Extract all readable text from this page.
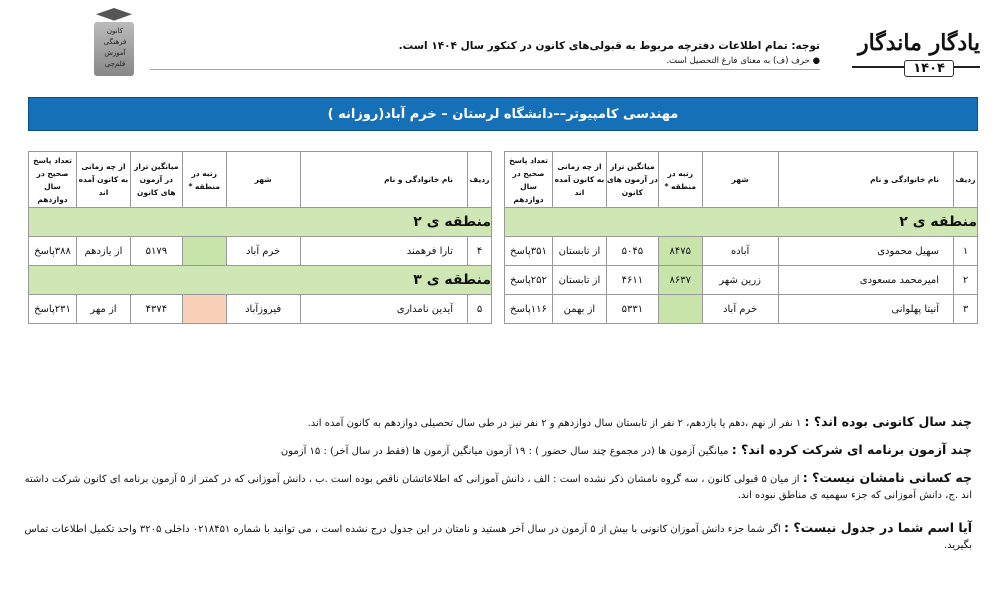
یادگار ماندگار
۱۴۰۴
توجه: تمام اطلاعات دفترچه مربوط به قبولی‌های کانون در کنکور سال ۱۴۰۴ است.
● حرف (ف) به معنای فارغ التحصیل است.
کانون
فرهنگی
آموزش
قلم‌چی
مهندسی کامپیوتر––دانشگاه لرستان – خرم آباد(روزانه )
ردیف	نام خانوادگی و نام	شهر	رتبه در منطقه *	میانگین تراز در آزمون های کانون	از چه زمانی به کانون آمده اند	تعداد پاسخ صحیح در سال دوازدهم
منطقه ی ۲						
۱	سهیل محمودی	آباده	۸۴۷۵	۵۰۴۵	از تابستان	۳۵۱پاسخ
۲	امیرمحمد مسعودی	زرین شهر	۸۶۳۷	۴۶۱۱	از تابستان	۲۵۲پاسخ
۳	آنیتا پهلوانی	خرم آباد		۵۳۳۱	از بهمن	۱۱۶پاسخ
ردیف	نام خانوادگی و نام	شهر	رتبه در منطقه *	میانگین تراز در آزمون های کانون	از چه زمانی به کانون آمده اند	تعداد پاسخ صحیح در سال دوازدهم
منطقه ی ۲						
۴	تارا فرهمند	خرم آباد		۵۱۷۹	از یازدهم	۳۸۸پاسخ
منطقه ی ۳						
۵	آیدین نامداری	فیروزآباد		۴۳۷۴	از مهر	۲۳۱پاسخ
چند سال کانونی بوده اند؟ : ۱ نفر از نهم ،دهم یا یازدهم، ۲ نفر از تابستان سال دوازدهم و ۲ نفر نیز در طی سال تحصیلی دوازدهم به کانون آمده اند.
چند آزمون برنامه ای شرکت کرده اند؟ : میانگین آزمون ها (در مجموع چند سال حضور ) : ۱۹ آزمون میانگین آزمون ها (فقط در سال آخر) : ۱۵ آزمون
چه کسانی نامشان نیست؟ : از میان ۵ قبولی کانون ، سه گروه نامشان ذکر نشده است : الف ، دانش آموزانی که اطلاعاتشان ناقص بوده است .ب ، دانش آموزانی که در کمتر از ۵ آزمون برنامه ای کانون شرکت داشته اند .ج، دانش آموزانی که جزء سهمیه ی مناطق نبوده اند.
آیا اسم شما در جدول نیست؟ : اگر شما جزء دانش آموزان کانونی با بیش از ۵ آزمون در سال آخر هستید و نامتان در این جدول درج نشده است ، می توانید با شماره ۰۲۱۸۴۵۱ داخلی ۳۲۰۵ واحد تکمیل اطلاعات تماس بگیرید.
